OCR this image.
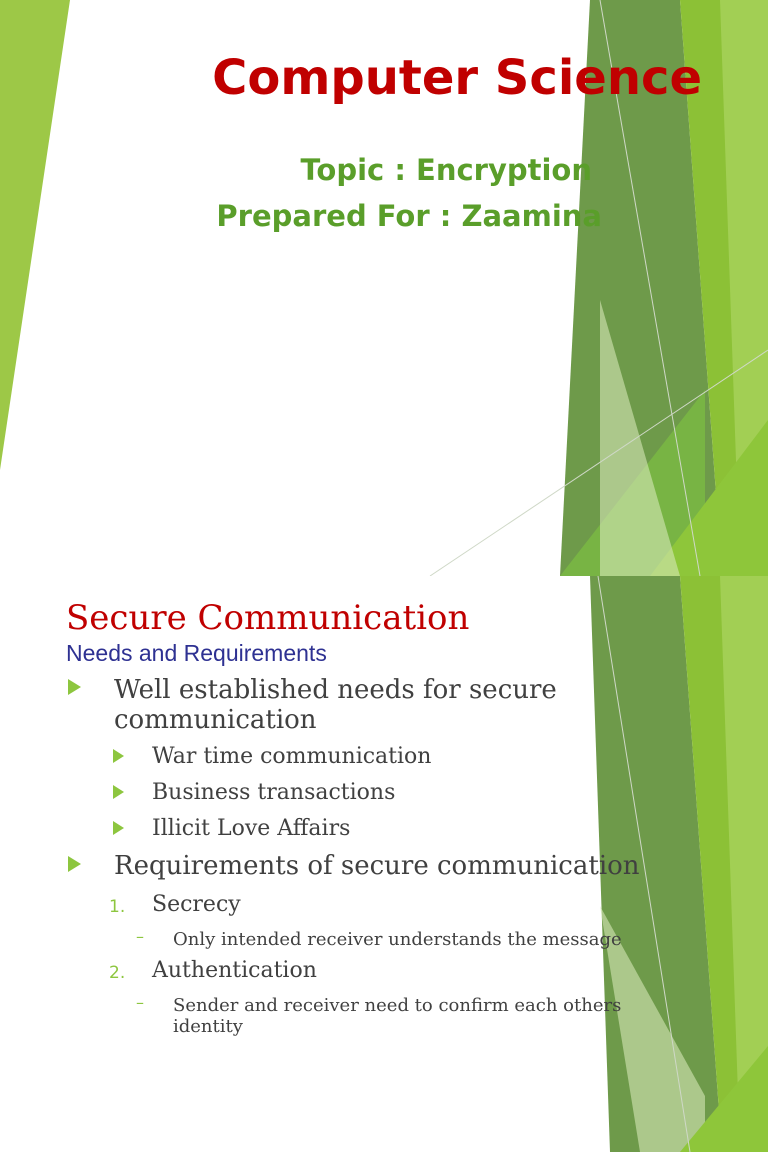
Computer Science
Topic : Encryption
Prepared For : Zaamina
Secure Communication
Needs and Requirements
Well established needs for secure
communication
War time communication
Business transactions
Illicit Love Affairs
Requirements of secure communication
1. Secrecy
– Only intended receiver understands the message
2. Authentication
– Sender and receiver need to confirm each others
identity
